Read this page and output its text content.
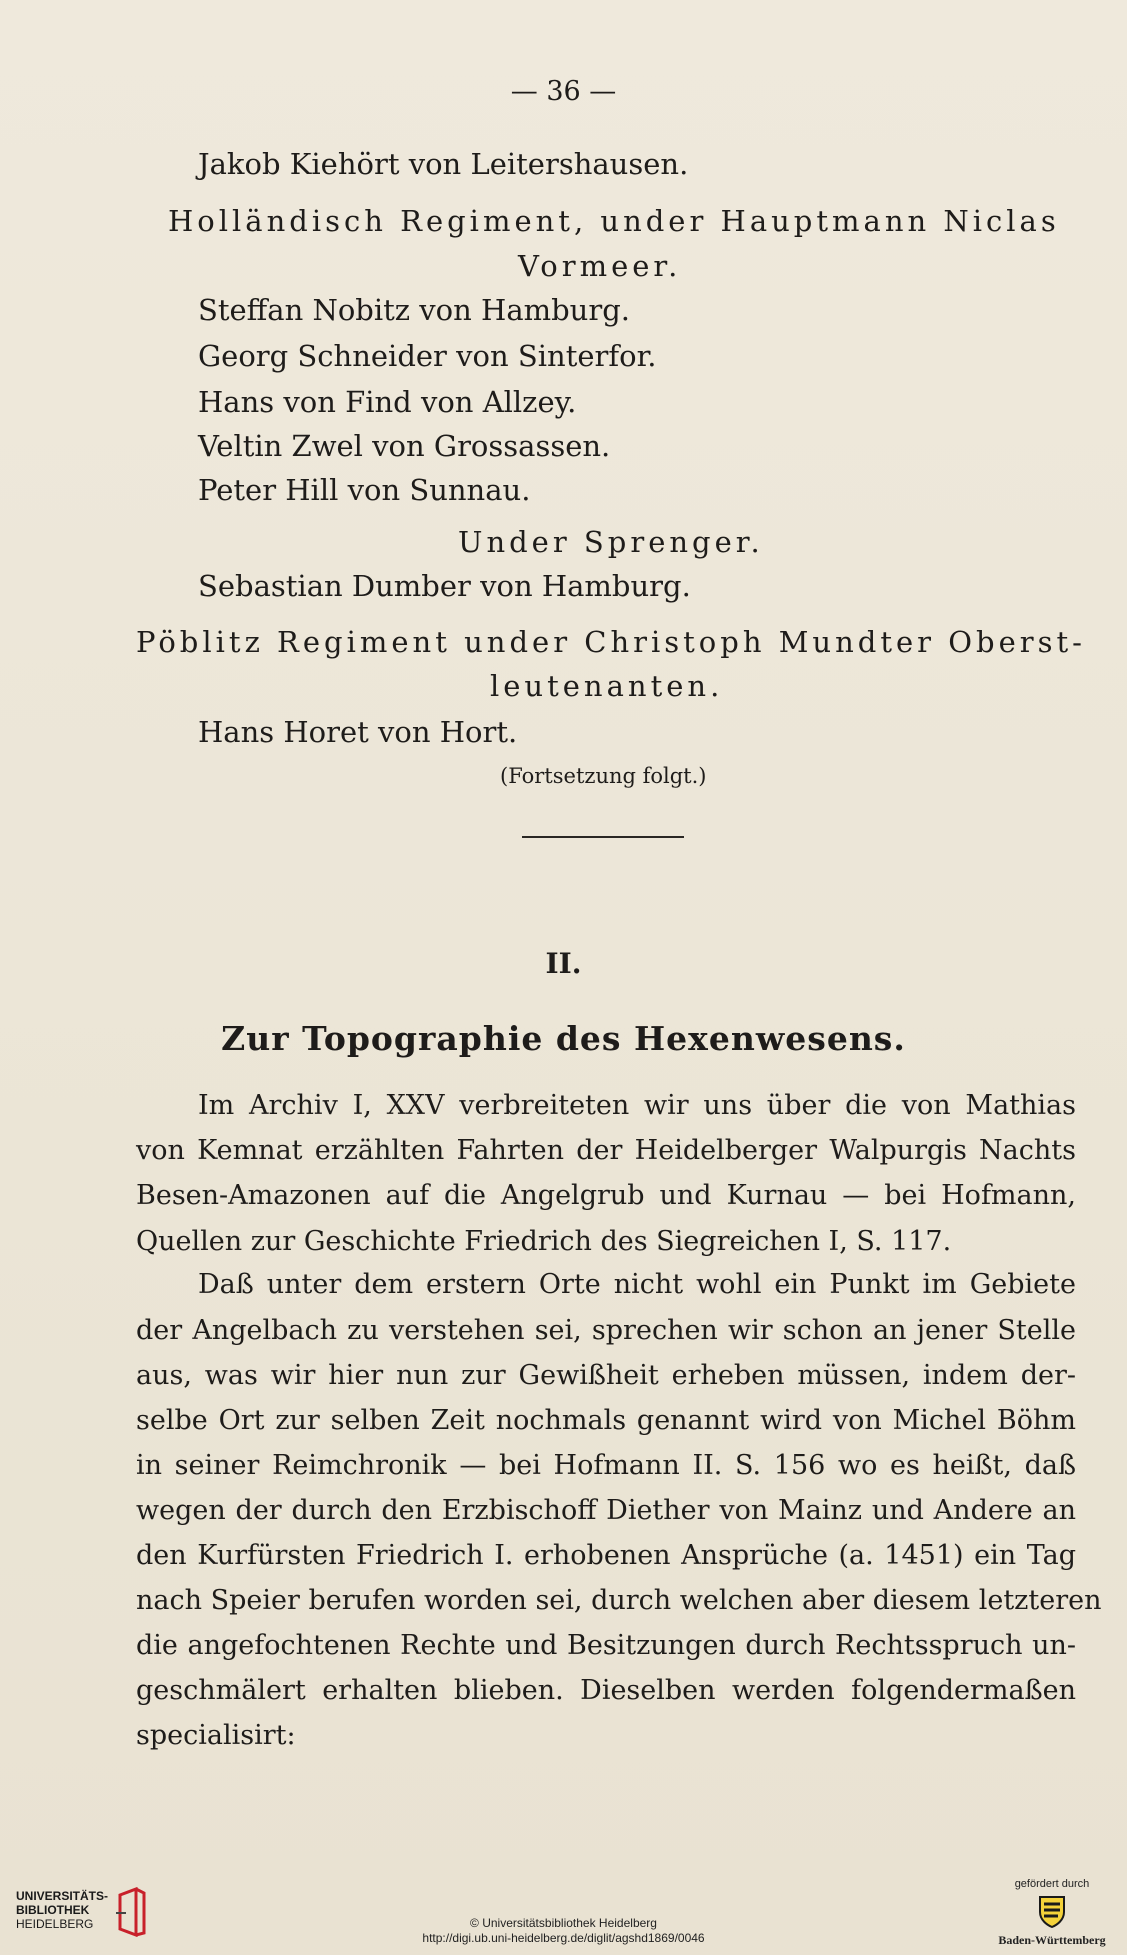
— 36 —
Jakob Kiehört von Leitershausen.
Holländisch Regiment, under Hauptmann Niclas
Vormeer.
Steffan Nobitz von Hamburg.
Georg Schneider von Sinterfor.
Hans von Find von Allzey.
Veltin Zwel von Grossassen.
Peter Hill von Sunnau.
Under Sprenger.
Sebastian Dumber von Hamburg.
Pöblitz Regiment under Christoph Mundter Oberst-
leutenanten.
Hans Horet von Hort.
(Fortsetzung folgt.)
II.
Zur Topographie des Hexenwesens.
Im Archiv I, XXV verbreiteten wir uns über die von Mathias
von Kemnat erzählten Fahrten der Heidelberger Walpurgis Nachts
Besen-Amazonen auf die Angelgrub und Kurnau — bei Hofmann,
Quellen zur Geschichte Friedrich des Siegreichen I, S. 117.
Daß unter dem erstern Orte nicht wohl ein Punkt im Gebiete
der Angelbach zu verstehen sei, sprechen wir schon an jener Stelle
aus, was wir hier nun zur Gewißheit erheben müssen, indem der-
selbe Ort zur selben Zeit nochmals genannt wird von Michel Böhm
in seiner Reimchronik — bei Hofmann II. S. 156 wo es heißt, daß
wegen der durch den Erzbischoff Diether von Mainz und Andere an
den Kurfürsten Friedrich I. erhobenen Ansprüche (a. 1451) ein Tag
nach Speier berufen worden sei, durch welchen aber diesem letzteren
die angefochtenen Rechte und Besitzungen durch Rechtsspruch un-
geschmälert erhalten blieben. Dieselben werden folgendermaßen
specialisirt:
UNIVERSITÄTS-
BIBLIOTHEK
HEIDELBERG	© Universitätsbibliothek Heidelberg
http://digi.ub.uni-heidelberg.de/diglit/agshd1869/0046
gefördert durch
Baden-Württemberg
